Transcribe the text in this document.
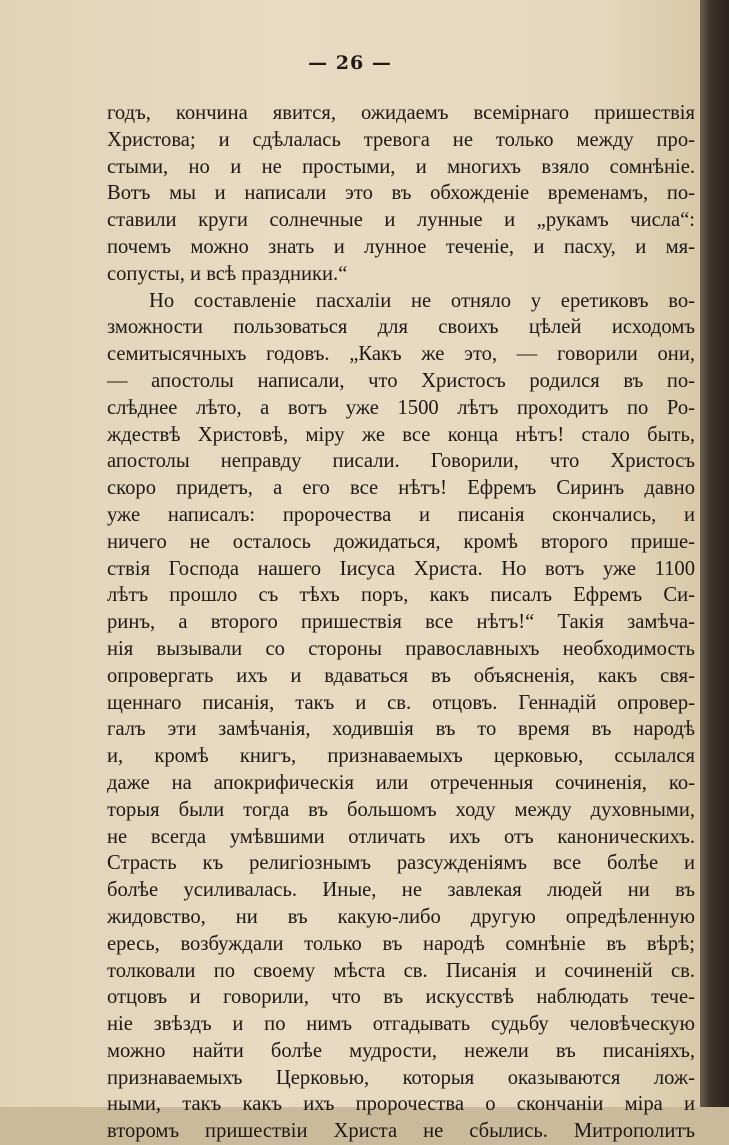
— 26 —
годъ, кончина явится, ожидаемъ всемірнаго пришествія
Христова; и сдѣлалась тревога не только между про-
стыми, но и не простыми, и многихъ взяло сомнѣніе.
Вотъ мы и написали это въ обхожденіе временамъ, по-
ставили круги солнечные и лунные и „рукамъ числа“:
почемъ можно знать и лунное теченіе, и пасху, и мя-
сопусты, и всѣ праздники.“
Но составленіе пасхаліи не отняло у еретиковъ во-
зможности пользоваться для своихъ цѣлей исходомъ
семитысячныхъ годовъ. „Какъ же это, — говорили они,
— апостолы написали, что Христосъ родился въ по-
слѣднее лѣто, а вотъ уже 1500 лѣтъ проходитъ по Ро-
ждествѣ Христовѣ, міру же все конца нѣтъ! стало быть,
апостолы неправду писали. Говорили, что Христосъ
скоро придетъ, а его все нѣтъ! Ефремъ Сиринъ давно
уже написалъ: пророчества и писанія скончались, и
ничего не осталось дожидаться, кромѣ второго прише-
ствія Господа нашего Іисуса Христа. Но вотъ уже 1100
лѣтъ прошло съ тѣхъ поръ, какъ писалъ Ефремъ Си-
ринъ, а второго пришествія все нѣтъ!“ Такія замѣча-
нія вызывали со стороны православныхъ необходимость
опровергать ихъ и вдаваться въ объясненія, какъ свя-
щеннаго писанія, такъ и св. отцовъ. Геннадій опровер-
галъ эти замѣчанія, ходившія въ то время въ народѣ
и, кромѣ книгъ, признаваемыхъ церковью, ссылался
даже на апокрифическія или отреченныя сочиненія, ко-
торыя были тогда въ большомъ ходу между духовными,
не всегда умѣвшими отличать ихъ отъ каноническихъ.
Страсть къ религіознымъ разсужденіямъ все болѣе и
болѣе усиливалась. Иные, не завлекая людей ни въ
жидовство, ни въ какую-либо другую опредѣленную
ересь, возбуждали только въ народѣ сомнѣніе въ вѣрѣ;
толковали по своему мѣста св. Писанія и сочиненій св.
отцовъ и говорили, что въ искусствѣ наблюдать тече-
ніе звѣздъ и по нимъ отгадывать судьбу человѣческую
можно найти болѣе мудрости, нежели въ писаніяхъ,
признаваемыхъ Церковью, которыя оказываются лож-
ными, такъ какъ ихъ пророчества о скончаніи міра и
второмъ пришествіи Христа не сбылись. Митрополитъ
